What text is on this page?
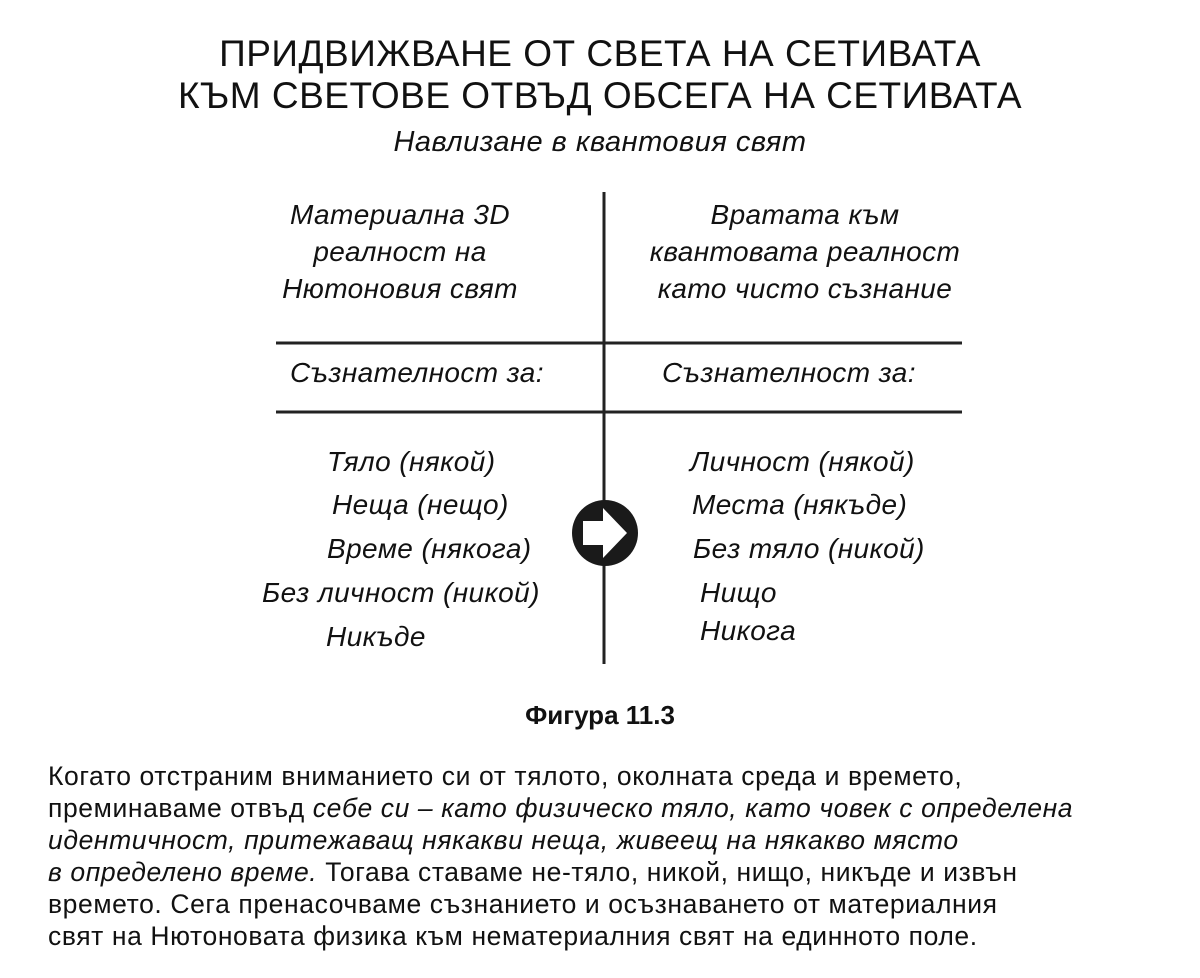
ПРИДВИЖВАНЕ ОТ СВЕТА НА СЕТИВАТА
КЪМ СВЕТОВЕ ОТВЪД ОБСЕГА НА СЕТИВАТА
Навлизане в квантовия свят
Материална 3D
реалност на
Нютоновия свят
Вратата към
квантовата реалност
като чисто съзнание
Съзнателност за:	Съзнателност за:
Тяло (някой)
Неща (нещо)
Време (някога)
Без личност (никой)
Никъде
Личност (някой)
Места (някъде)
Без тяло (никой)
Нищо
Никога
Фигура 11.3
Когато отстраним вниманието си от тялото, околната среда и времето,
преминаваме отвъд себе си – като физическо тяло, като човек с определена
идентичност, притежаващ някакви неща, живеещ на някакво място
в определено време. Тогава ставаме не-тяло, никой, нищо, никъде и извън
времето. Сега пренасочваме съзнанието и осъзнаването от материалния
свят на Нютоновата физика към нематериалния свят на единното поле.
